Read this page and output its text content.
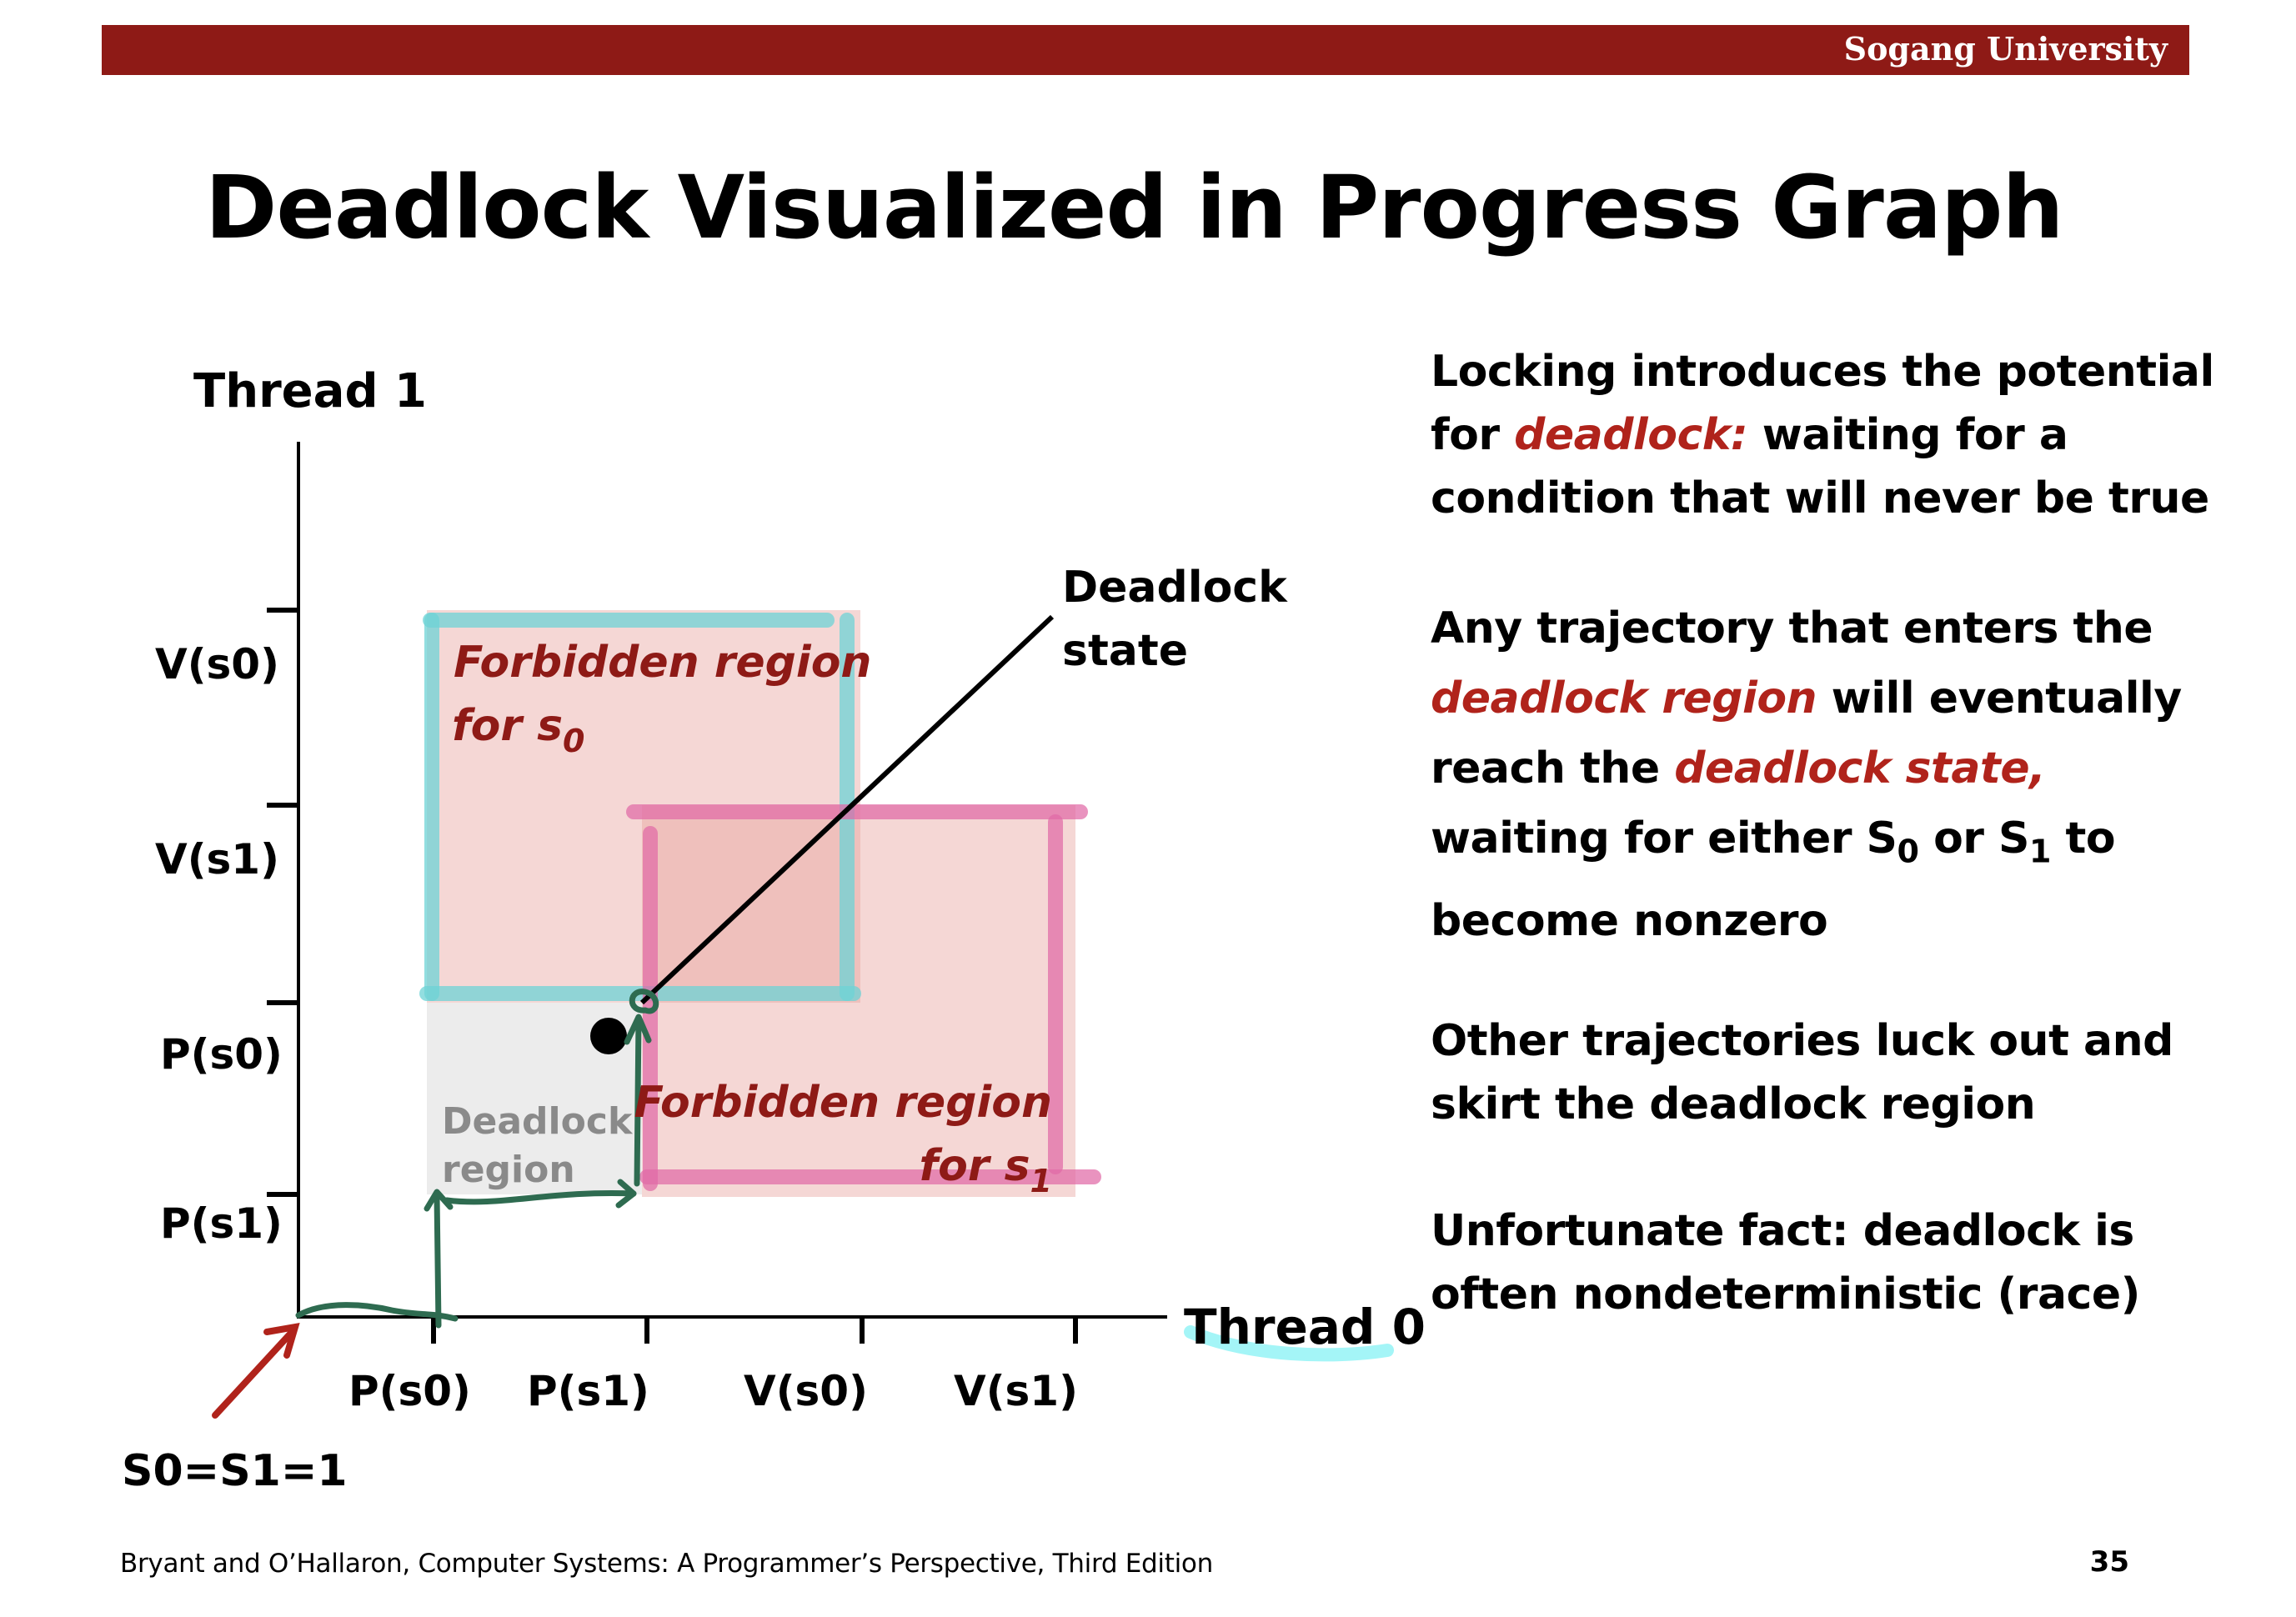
Sogang University
Deadlock Visualized in Progress Graph
Thread 1
Thread 0
P(s1)
P(s0)
V(s1)
V(s0)
P(s0) P(s1) V(s0) V(s1)
S0=S1=1
Forbidden region
for $s_0$
Forbidden region
for $s_1$
Deadlock
region
Deadlock
state

Locking introduces the potential for deadlock: waiting for a condition that will never be true

Any trajectory that enters the deadlock region will eventually reach the deadlock state, waiting for either $S_0$ or $S_1$ to become nonzero

Other trajectories luck out and skirt the deadlock region

Unfortunate fact: deadlock is often nondeterministic (race)

Bryant and O’Hallaron, Computer Systems: A Programmer’s Perspective, Third Edition	35
